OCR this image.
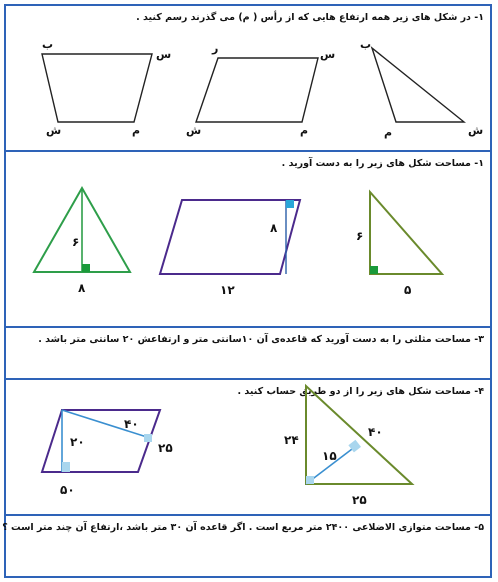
۱- در شکل های زیر همه ارتفاع هایی که از رأس ( م) می گذرند رسم کنید .
ب
س
ش	م
ر	س
ش	م
ب
م	ش
۱- مساحت شکل های زیر را به دست آورید .
۶
۸
۸
۱۲
۶
۵
۳- مساحت مثلثی را به دست آورید که قاعده‌ی آن ۱۰سانتی متر و ارتفاعش ۲۰ سانتی متر باشد .
۴- مساحت شکل های زیر را از دو طریق حساب کنید .
۴۰
۲۰	۲۵
۵۰
۴۰
۲۴
۱۵
۲۵
۵- مساحت متوازی الاضلاعی ۲۴۰۰ متر مربع است . اگر قاعده آن ۳۰ متر باشد ،ارتفاع آن چند متر است ؟
